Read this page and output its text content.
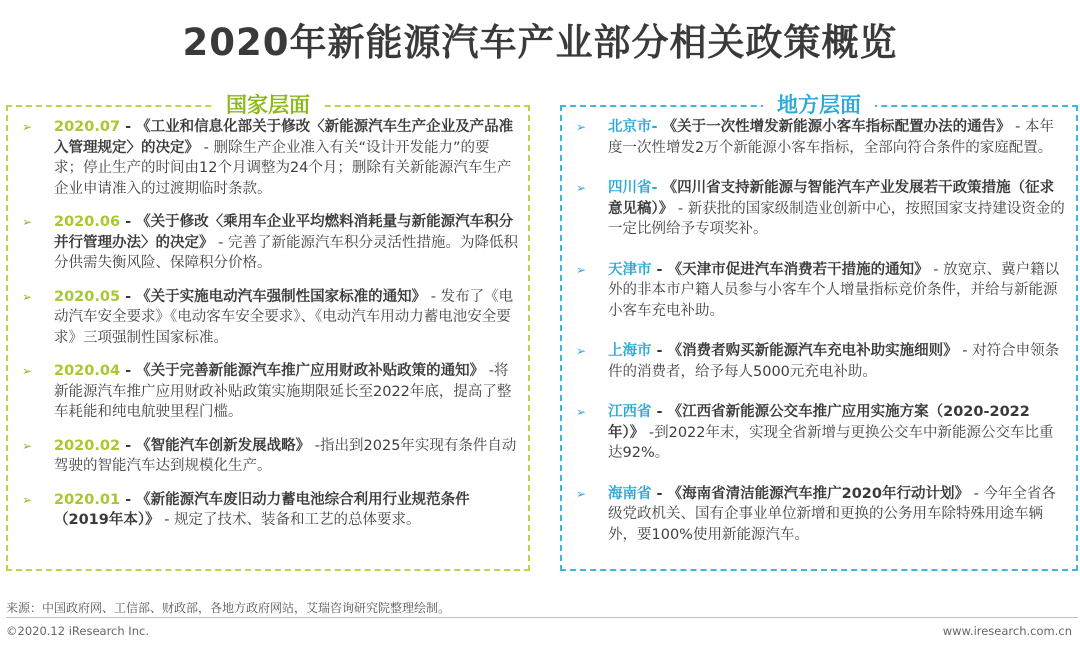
2020年新能源汽车产业部分相关政策概览
国家层面
➢ 2020.07 - 《工业和信息化部关于修改〈新能源汽车生产企业及产品准入管理规定〉的决定》 - 删除生产企业准入有关“设计开发能力”的要求；停止生产的时间由12个月调整为24个月；删除有关新能源汽车生产企业申请准入的过渡期临时条款。
➢ 2020.06 - 《关于修改〈乘用车企业平均燃料消耗量与新能源汽车积分并行管理办法〉的决定》 - 完善了新能源汽车积分灵活性措施。为降低积分供需失衡风险、保障积分价格。
➢ 2020.05 - 《关于实施电动汽车强制性国家标准的通知》 - 发布了《电动汽车安全要求》《电动客车安全要求》、《电动汽车用动力蓄电池安全要求》三项强制性国家标准。
➢ 2020.04 - 《关于完善新能源汽车推广应用财政补贴政策的通知》 -将新能源汽车推广应用财政补贴政策实施期限延长至2022年底，提高了整车耗能和纯电航驶里程门槛。
➢ 2020.02 - 《智能汽车创新发展战略》 -指出到2025年实现有条件自动驾驶的智能汽车达到规模化生产。
➢ 2020.01 - 《新能源汽车废旧动力蓄电池综合利用行业规范条件（2019年本）》 - 规定了技术、装备和工艺的总体要求。
地方层面
➢ 北京市- 《关于一次性增发新能源小客车指标配置办法的通告》 - 本年度一次性增发2万个新能源小客车指标，全部向符合条件的家庭配置。
➢ 四川省- 《四川省支持新能源与智能汽车产业发展若干政策措施（征求意见稿）》 - 新获批的国家级制造业创新中心，按照国家支持建设资金的一定比例给予专项奖补。
➢ 天津市 - 《天津市促进汽车消费若干措施的通知》 - 放宽京、冀户籍以外的非本市户籍人员参与小客车个人增量指标竞价条件，并给与新能源小客车充电补助。
➢ 上海市 - 《消费者购买新能源汽车充电补助实施细则》 - 对符合申领条件的消费者，给予每人5000元充电补助。
➢ 江西省 - 《江西省新能源公交车推广应用实施方案（2020-2022年）》 -到2022年末，实现全省新增与更换公交车中新能源公交车比重达92%。
➢ 海南省 - 《海南省清洁能源汽车推广2020年行动计划》 - 今年全省各级党政机关、国有企事业单位新增和更换的公务用车除特殊用途车辆外，要100%使用新能源汽车。
来源：中国政府网、工信部、财政部，各地方政府网站，艾瑞咨询研究院整理绘制。
©2020.12 iResearch Inc.	www.iresearch.com.cn
